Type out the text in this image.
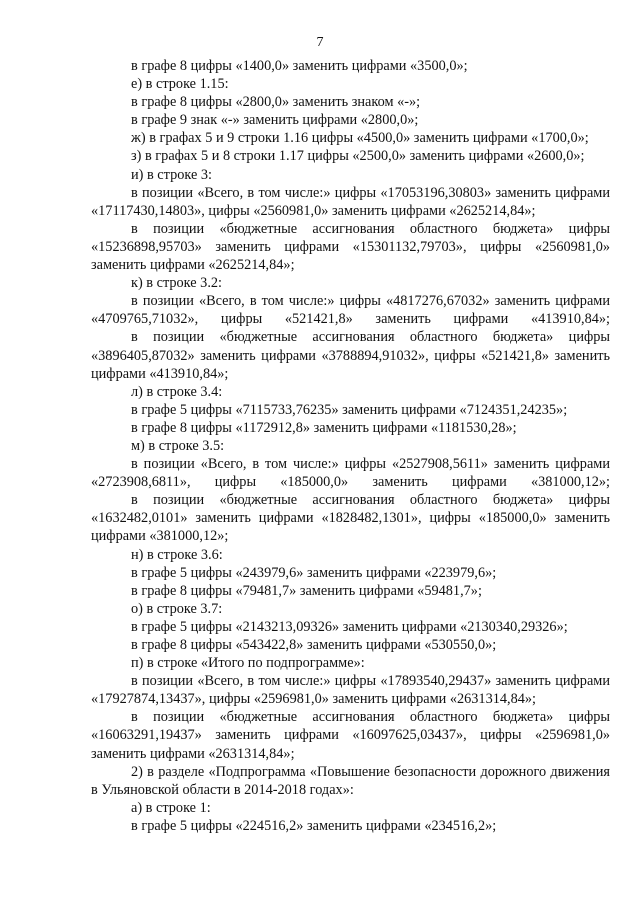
7

в графе 8 цифры «1400,0» заменить цифрами «3500,0»;

е) в строке 1.15:

в графе 8 цифры «2800,0» заменить знаком «-»;

в графе 9 знак «-» заменить цифрами «2800,0»;

ж) в графах 5 и 9 строки 1.16 цифры «4500,0» заменить цифрами «1700,0»;

з) в графах 5 и 8 строки 1.17 цифры «2500,0» заменить цифрами «2600,0»;

и) в строке 3:

в позиции «Всего, в том числе:» цифры «17053196,30803» заменить цифрами «17117430,14803», цифры «2560981,0» заменить цифрами «2625214,84»;

в позиции «бюджетные ассигнования областного бюджета» цифры «15236898,95703» заменить цифрами «15301132,79703», цифры «2560981,0» заменить цифрами «2625214,84»;

к) в строке 3.2:

в позиции «Всего, в том числе:» цифры «4817276,67032» заменить цифрами «4709765,71032», цифры «521421,8» заменить цифрами «413910,84»;

в позиции «бюджетные ассигнования областного бюджета» цифры «3896405,87032» заменить цифрами «3788894,91032», цифры «521421,8» заменить цифрами «413910,84»;

л) в строке 3.4:

в графе 5 цифры «7115733,76235» заменить цифрами «7124351,24235»;

в графе 8 цифры «1172912,8» заменить цифрами «1181530,28»;

м) в строке 3.5:

в позиции «Всего, в том числе:» цифры «2527908,5611» заменить цифрами «2723908,6811», цифры «185000,0» заменить цифрами «381000,12»;

в позиции «бюджетные ассигнования областного бюджета» цифры «1632482,0101» заменить цифрами «1828482,1301», цифры «185000,0» заменить цифрами «381000,12»;

н) в строке 3.6:

в графе 5 цифры «243979,6» заменить цифрами «223979,6»;

в графе 8 цифры «79481,7» заменить цифрами «59481,7»;

о) в строке 3.7:

в графе 5 цифры «2143213,09326» заменить цифрами «2130340,29326»;

в графе 8 цифры «543422,8» заменить цифрами «530550,0»;

п) в строке «Итого по подпрограмме»:

в позиции «Всего, в том числе:» цифры «17893540,29437» заменить цифрами «17927874,13437», цифры «2596981,0» заменить цифрами «2631314,84»;

в позиции «бюджетные ассигнования областного бюджета» цифры «16063291,19437» заменить цифрами «16097625,03437», цифры «2596981,0» заменить цифрами «2631314,84»;

2) в разделе «Подпрограмма «Повышение безопасности дорожного движения в Ульяновской области в 2014-2018 годах»:

а) в строке 1:

в графе 5 цифры «224516,2» заменить цифрами «234516,2»;
